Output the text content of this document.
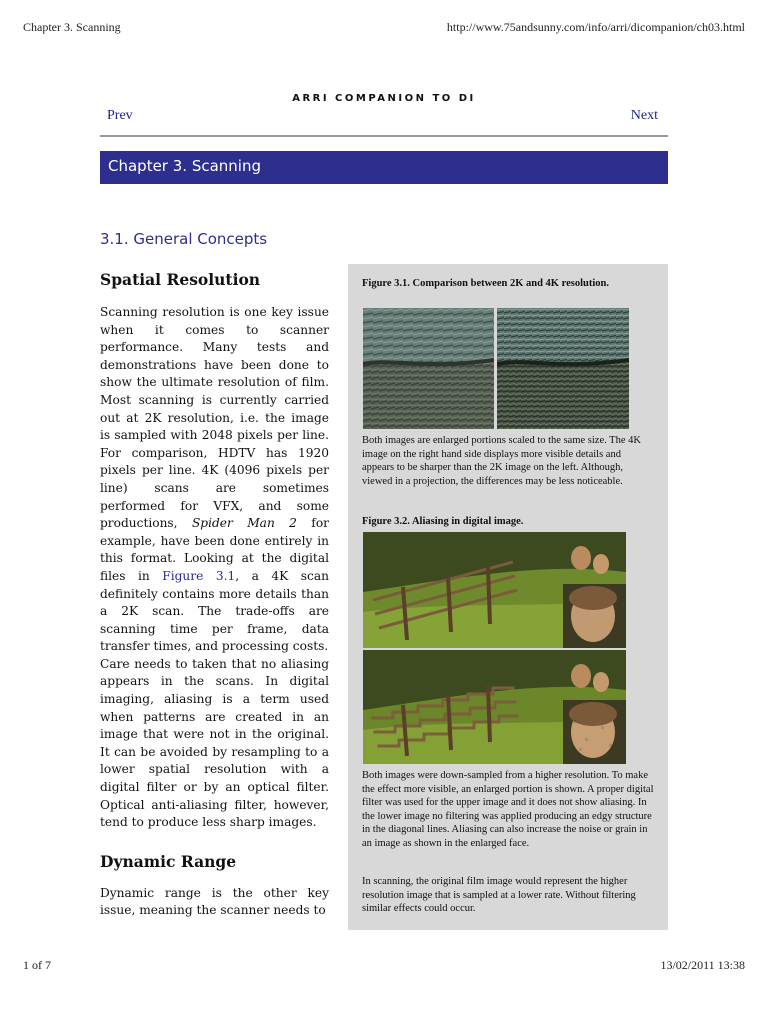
Chapter 3. Scanning	http://www.75andsunny.com/info/arri/dicompanion/ch03.html
ARRI COMPANION TO DI
Prev	Next
Chapter 3. Scanning
3.1. General Concepts
Spatial Resolution

Scanning resolution is one key issue when it comes to scanner performance. Many tests and demonstrations have been done to show the ultimate resolution of film. Most scanning is currently carried out at 2K resolution, i.e. the image is sampled with 2048 pixels per line. For comparison, HDTV has 1920 pixels per line. 4K (4096 pixels per line) scans are sometimes performed for VFX, and some productions, Spider Man 2 for example, have been done entirely in this format. Looking at the digital files in Figure 3.1, a 4K scan definitely contains more details than a 2K scan. The trade-offs are scanning time per frame, data transfer times, and processing costs.

Care needs to taken that no aliasing appears in the scans. In digital imaging, aliasing is a term used when patterns are created in an image that were not in the original. It can be avoided by resampling to a lower spatial resolution with a digital filter or by an optical filter. Optical anti-aliasing filter, however, tend to produce less sharp images.

Dynamic Range

Dynamic range is the other key issue, meaning the scanner needs to

Figure 3.1. Comparison between 2K and 4K resolution.
Both images are enlarged portions scaled to the same size. The 4K image on the right hand side displays more visible details and appears to be sharper than the 2K image on the left. Although, viewed in a projection, the differences may be less noticeable.
Figure 3.2. Aliasing in digital image.
Both images were down-sampled from a higher resolution. To make the effect more visible, an enlarged portion is shown. A proper digital filter was used for the upper image and it does not show aliasing. In the lower image no filtering was applied producing an edgy structure in the diagonal lines. Aliasing can also increase the noise or grain in an image as shown in the enlarged face.
In scanning, the original film image would represent the higher resolution image that is sampled at a lower rate. Without filtering similar effects could occur.
1 of 7	13/02/2011 13:38
